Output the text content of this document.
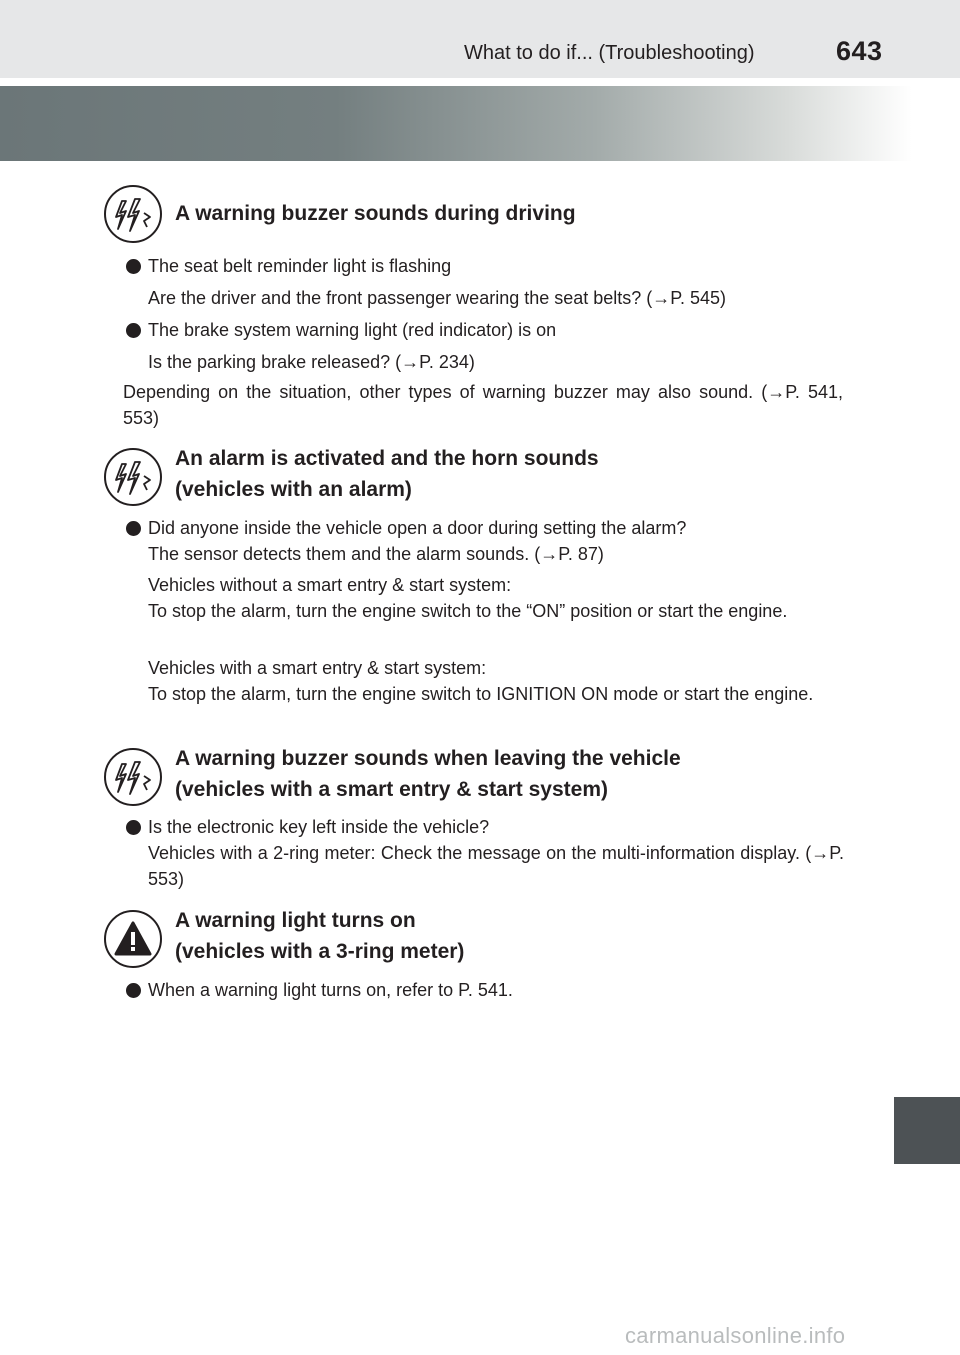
What to do if... (Troubleshooting)	643
A warning buzzer sounds during driving
The seat belt reminder light is flashing
Are the driver and the front passenger wearing the seat belts? (→P. 545)
The brake system warning light (red indicator) is on
Is the parking brake released? (→P. 234)
Depending on the situation, other types of warning buzzer may also sound. (→P. 541, 553)
An alarm is activated and the horn sounds
(vehicles with an alarm)
Did anyone inside the vehicle open a door during setting the alarm?
The sensor detects them and the alarm sounds. (→P. 87)
Vehicles without a smart entry & start system:
To stop the alarm, turn the engine switch to the “ON” position or start the engine.
Vehicles with a smart entry & start system:
To stop the alarm, turn the engine switch to IGNITION ON mode or start the engine.
A warning buzzer sounds when leaving the vehicle
(vehicles with a smart entry & start system)
Is the electronic key left inside the vehicle?
Vehicles with a 2-ring meter: Check the message on the multi-information display. (→P. 553)
A warning light turns on
(vehicles with a 3-ring meter)
When a warning light turns on, refer to P. 541.
carmanualsonline.info
